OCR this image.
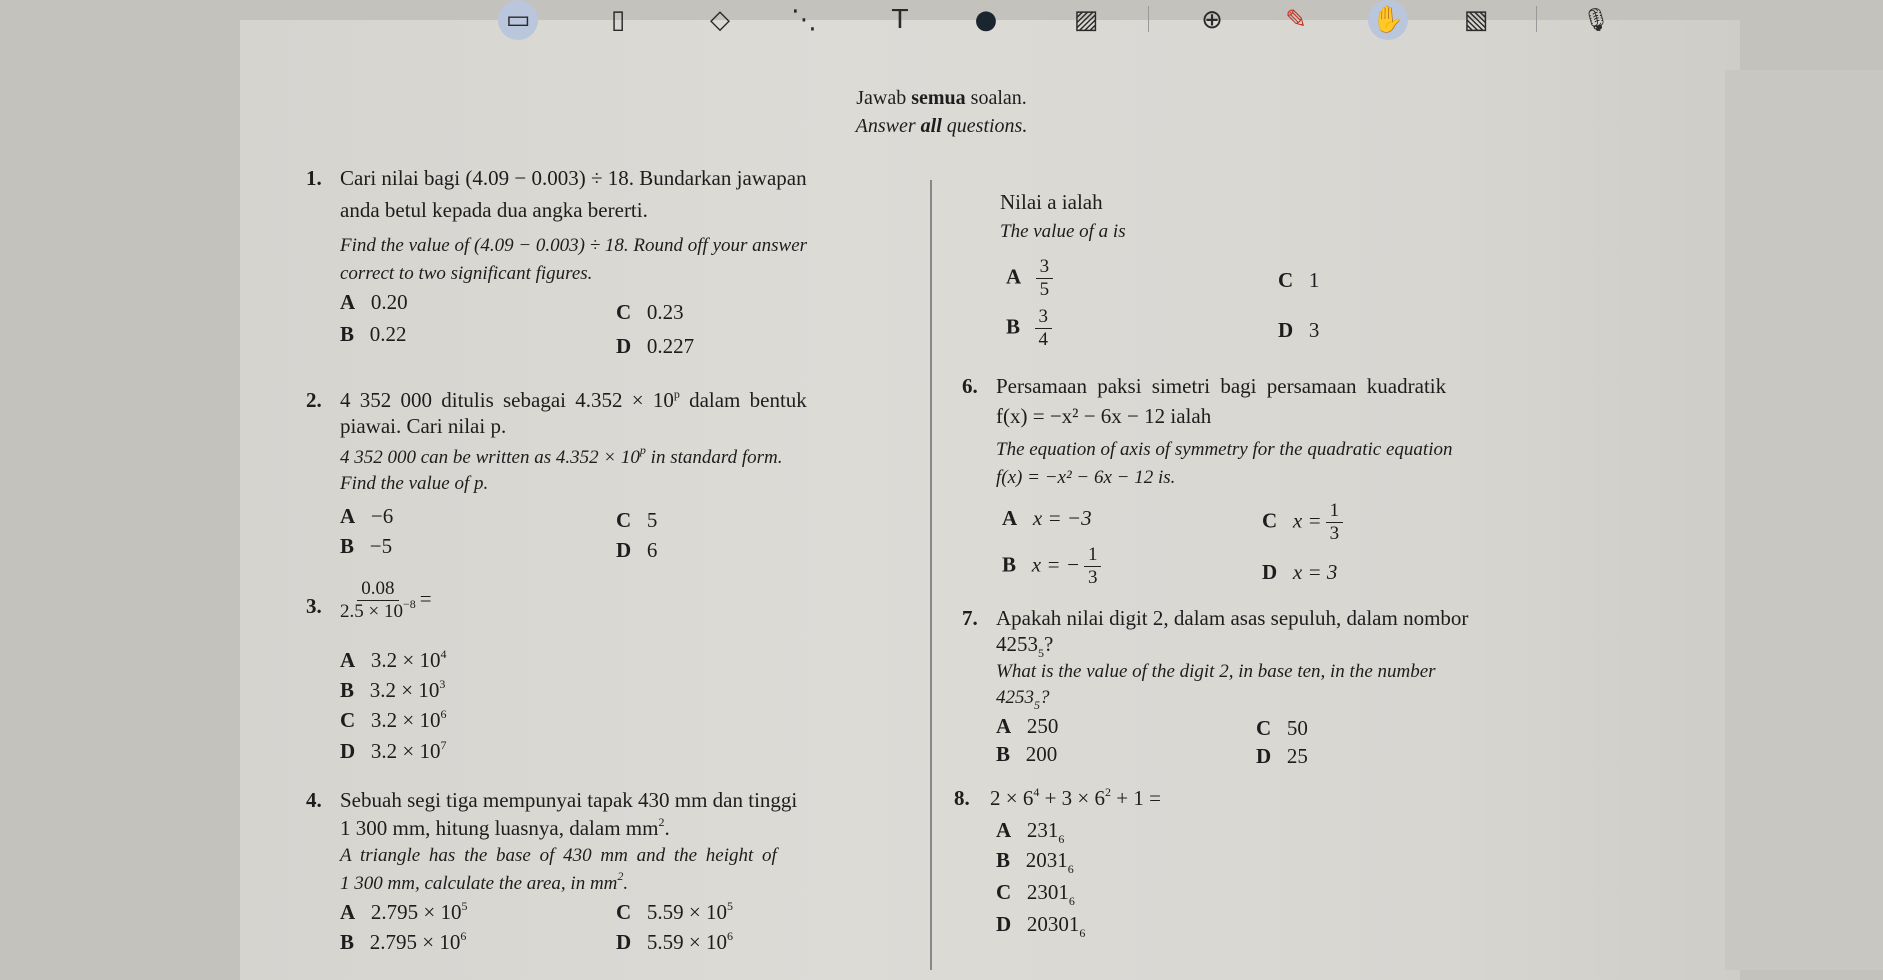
▭	▯	◇	⋱	T	●	▨	⊕	✎	✋ ▧	🎙
Jawab semua soalan.
Answer all questions.
1. Cari nilai bagi (4.09 − 0.003) ÷ 18. Bundarkan jawapan
anda betul kepada dua angka bererti.
Find the value of (4.09 − 0.003) ÷ 18. Round off your answer
correct to two significant figures.
A 0.20
B 0.22
C 0.23
D 0.227
2. 4 352 000 ditulis sebagai $4.352 \times 10^p$ dalam bentuk
piawai. Cari nilai p.
4 352 000 can be written as $4.352 \times 10^p$ in standard form.
Find the value of p.
A −6
B −5
C 5
D 6
3. $\frac{0.08}{2.5 \times 10^{-8}}$ =
A $3.2 \times 10^4$
B $3.2 \times 10^3$
C $3.2 \times 10^6$
D $3.2 \times 10^7$
4. Sebuah segi tiga mempunyai tapak 430 mm dan tinggi
1 300 mm, hitung luasnya, dalam $mm^2$.
A triangle has the base of 430 mm and the height of
1 300 mm, calculate the area, in $mm^2$.
A $2.795 \times 10^5$
B $2.795 \times 10^6$
C $5.59 \times 10^5$
D $5.59 \times 10^6$
Nilai a ialah
The value of a is
A $\frac{3}{5}$
B $\frac{3}{4}$
C 1
D 3
6. Persamaan paksi simetri bagi persamaan kuadratik
f(x) = −x² − 6x − 12 ialah
The equation of axis of symmetry for the quadratic equation
f(x) = −x² − 6x − 12 is.
A x = −3
B x = − $\frac{1}{3}$
C $x = \frac{1}{3}$
D x = 3
7. Apakah nilai digit 2, dalam asas sepuluh, dalam nombor
$4253_5$?
What is the value of the digit 2, in base ten, in the number
$4253_5$?
A 250
B 200
C 50
D 25
8. $2 \times 6^4 + 3 \times 6^2 + 1$ =
A $231_6$
B $2031_6$
C $2301_6$
D $20301_6$
